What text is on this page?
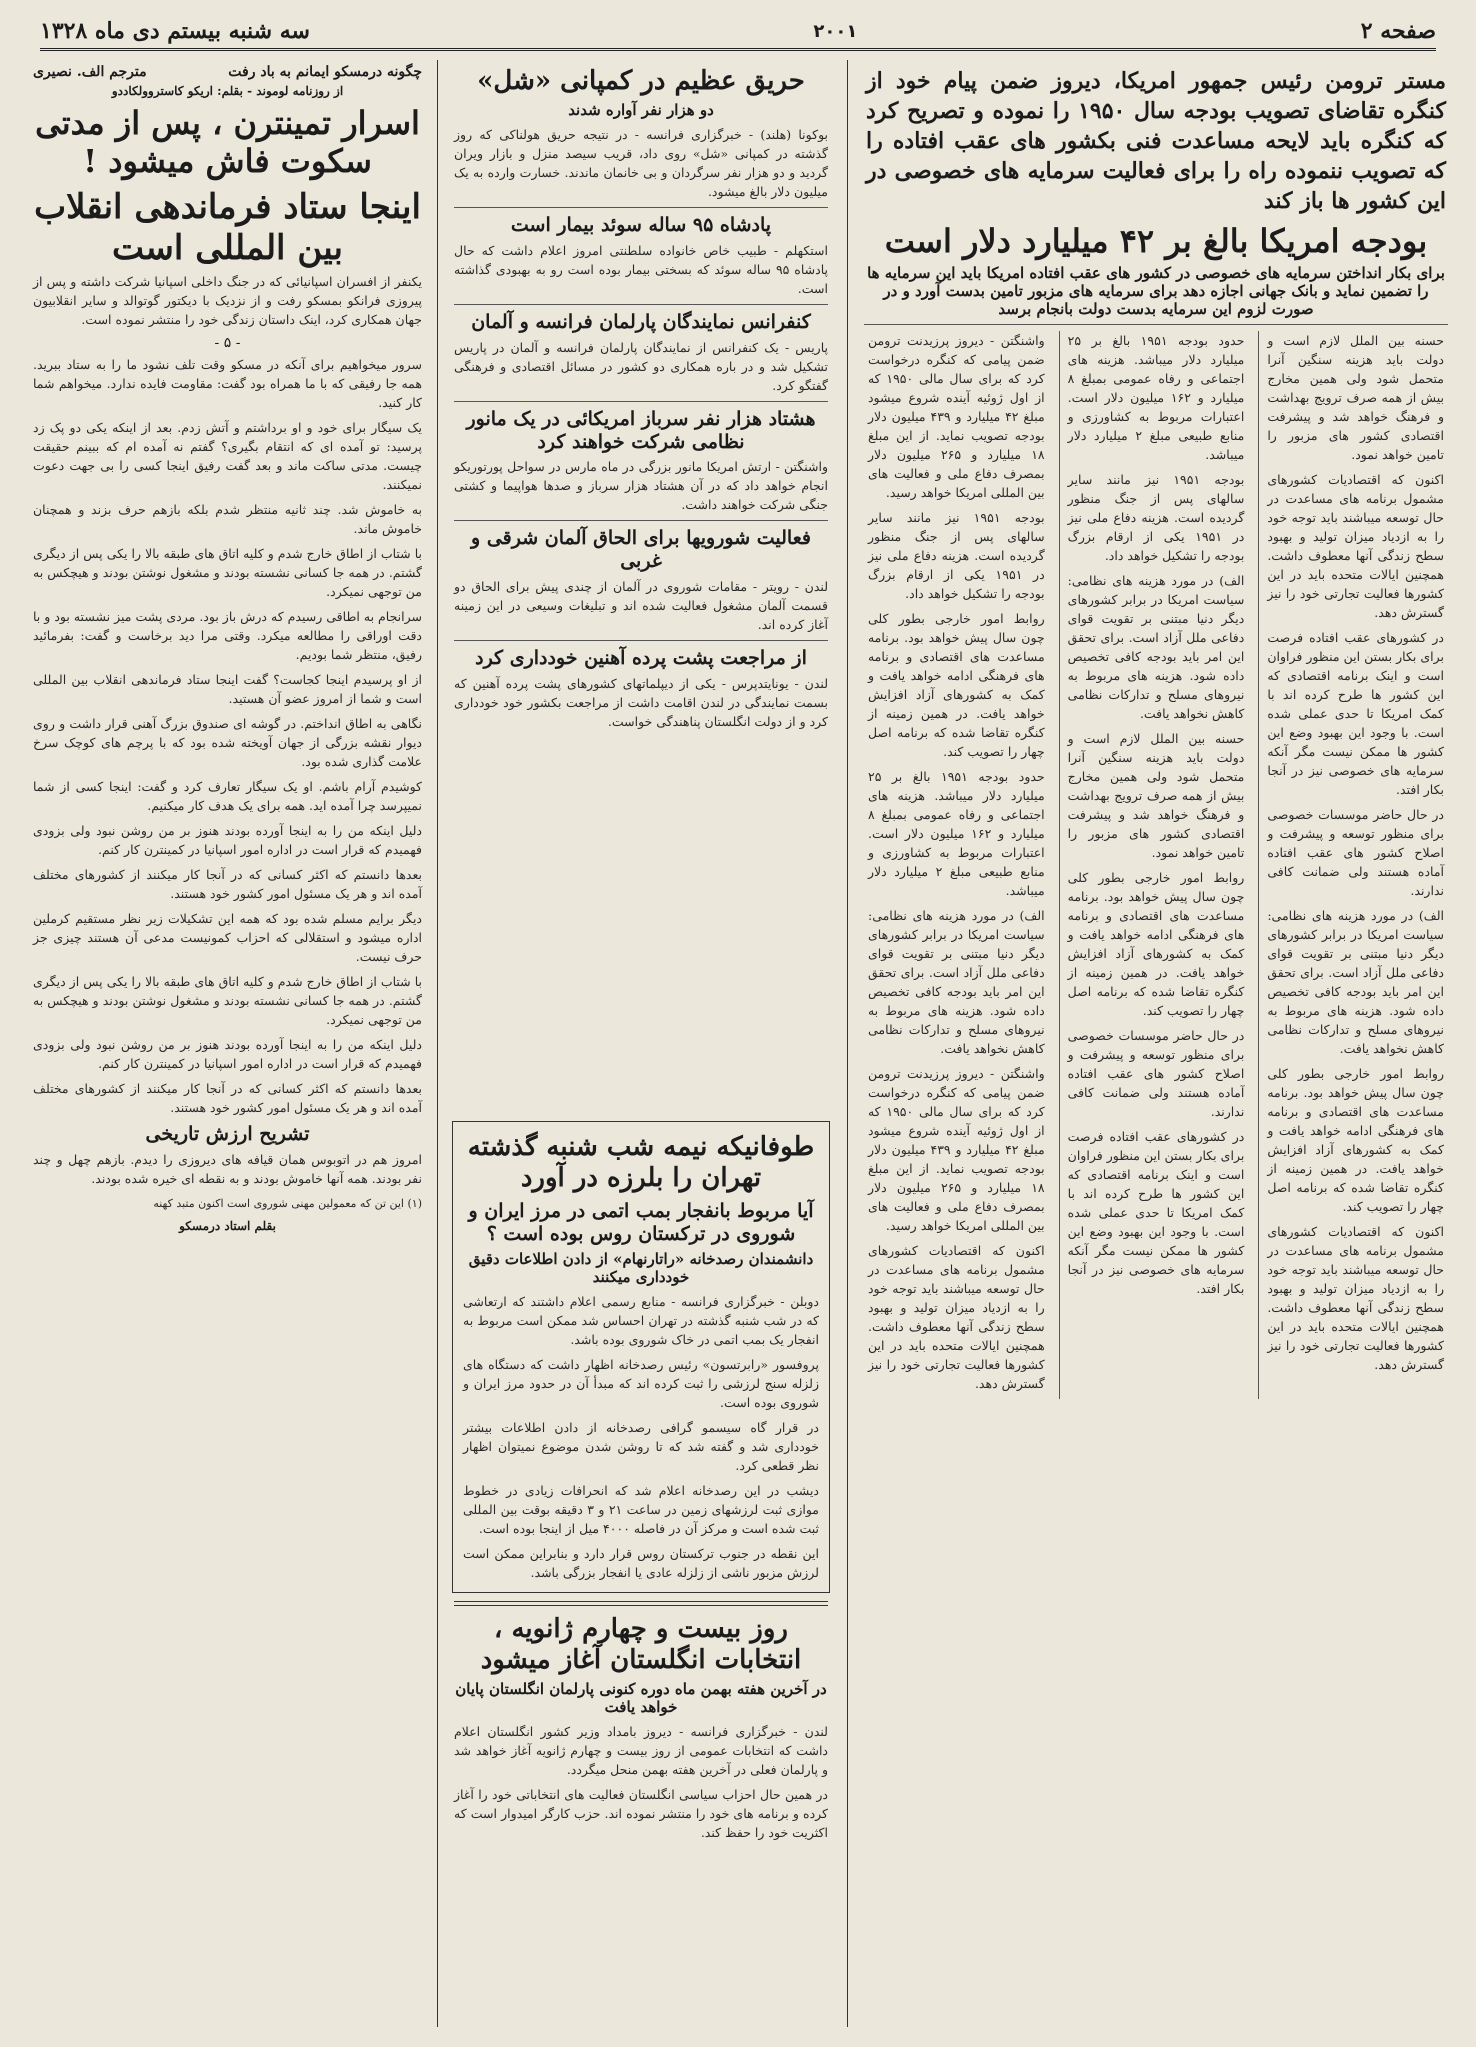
صفحه ۲
۲۰۰۱
سه شنبه بیستم دی ماه ۱۳۲۸
مستر ترومن رئیس جمهور امریکا، دیروز ضمن پیام خود از کنگره تقاضای تصویب بودجه سال ۱۹۵۰ را نموده و تصریح کرد که کنگره باید لایحه مساعدت فنی بکشور های عقب افتاده را که تصویب ننموده راه را برای فعالیت سرمایه های خصوصی در این کشور ها باز کند
بودجه امریکا بالغ بر ۴۲ میلیارد دلار است
برای بکار انداختن سرمایه های خصوصی در کشور های عقب افتاده امریکا باید این سرمایه ها را تضمین نماید و بانک جهانی اجازه دهد برای سرمایه های مزبور تامین بدست آورد و در صورت لزوم این سرمایه بدست دولت بانجام برسد

حسنه بین الملل لازم است و دولت باید هزینه سنگین آنرا متحمل شود ولی همین مخارج بیش از همه صرف ترویج بهداشت و فرهنگ خواهد شد و پیشرفت اقتصادی کشور های مزبور را تامین خواهد نمود.

اکنون که اقتصادیات کشورهای مشمول برنامه های مساعدت در حال توسعه میباشند باید توجه خود را به ازدیاد میزان تولید و بهبود سطح زندگی آنها معطوف داشت. همچنین ایالات متحده باید در این کشورها فعالیت تجارتی خود را نیز گسترش دهد.

در کشورهای عقب افتاده فرصت برای بکار بستن این منظور فراوان است و اینک برنامه اقتصادی که این کشور ها طرح کرده اند با کمک امریکا تا حدی عملی شده است. با وجود این بهبود وضع این کشور ها ممکن نیست مگر آنکه سرمایه های خصوصی نیز در آنجا بکار افتد.

در حال حاضر موسسات خصوصی برای منظور توسعه و پیشرفت و اصلاح کشور های عقب افتاده آماده هستند ولی ضمانت کافی ندارند.

الف) در مورد هزینه های نظامی: سیاست امریکا در برابر کشورهای دیگر دنیا مبتنی بر تقویت قوای دفاعی ملل آزاد است. برای تحقق این امر باید بودجه کافی تخصیص داده شود. هزینه های مربوط به نیروهای مسلح و تدارکات نظامی کاهش نخواهد یافت.

روابط امور خارجی بطور کلی چون سال پیش خواهد بود. برنامه مساعدت های اقتصادی و برنامه های فرهنگی ادامه خواهد یافت و کمک به کشورهای آزاد افزایش خواهد یافت. در همین زمینه از کنگره تقاضا شده که برنامه اصل چهار را تصویب کند.

اکنون که اقتصادیات کشورهای مشمول برنامه های مساعدت در حال توسعه میباشند باید توجه خود را به ازدیاد میزان تولید و بهبود سطح زندگی آنها معطوف داشت. همچنین ایالات متحده باید در این کشورها فعالیت تجارتی خود را نیز گسترش دهد.

حدود بودجه ۱۹۵۱ بالغ بر ۲۵ میلیارد دلار میباشد. هزینه های اجتماعی و رفاه عمومی بمبلغ ۸ میلیارد و ۱۶۲ میلیون دلار است. اعتبارات مربوط به کشاورزی و منابع طبیعی مبلغ ۲ میلیارد دلار میباشد.

بودجه ۱۹۵۱ نیز مانند سایر سالهای پس از جنگ منظور گردیده است. هزینه دفاع ملی نیز در ۱۹۵۱ یکی از ارقام بزرگ بودجه را تشکیل خواهد داد.

الف) در مورد هزینه های نظامی: سیاست امریکا در برابر کشورهای دیگر دنیا مبتنی بر تقویت قوای دفاعی ملل آزاد است. برای تحقق این امر باید بودجه کافی تخصیص داده شود. هزینه های مربوط به نیروهای مسلح و تدارکات نظامی کاهش نخواهد یافت.

حسنه بین الملل لازم است و دولت باید هزینه سنگین آنرا متحمل شود ولی همین مخارج بیش از همه صرف ترویج بهداشت و فرهنگ خواهد شد و پیشرفت اقتصادی کشور های مزبور را تامین خواهد نمود.

روابط امور خارجی بطور کلی چون سال پیش خواهد بود. برنامه مساعدت های اقتصادی و برنامه های فرهنگی ادامه خواهد یافت و کمک به کشورهای آزاد افزایش خواهد یافت. در همین زمینه از کنگره تقاضا شده که برنامه اصل چهار را تصویب کند.

در حال حاضر موسسات خصوصی برای منظور توسعه و پیشرفت و اصلاح کشور های عقب افتاده آماده هستند ولی ضمانت کافی ندارند.

در کشورهای عقب افتاده فرصت برای بکار بستن این منظور فراوان است و اینک برنامه اقتصادی که این کشور ها طرح کرده اند با کمک امریکا تا حدی عملی شده است. با وجود این بهبود وضع این کشور ها ممکن نیست مگر آنکه سرمایه های خصوصی نیز در آنجا بکار افتد.

واشنگتن - دیروز پرزیدنت ترومن ضمن پیامی که کنگره درخواست کرد که برای سال مالی ۱۹۵۰ که از اول ژوئیه آینده شروع میشود مبلغ ۴۲ میلیارد و ۴۳۹ میلیون دلار بودجه تصویب نماید. از این مبلغ ۱۸ میلیارد و ۲۶۵ میلیون دلار بمصرف دفاع ملی و فعالیت های بین المللی امریکا خواهد رسید.

بودجه ۱۹۵۱ نیز مانند سایر سالهای پس از جنگ منظور گردیده است. هزینه دفاع ملی نیز در ۱۹۵۱ یکی از ارقام بزرگ بودجه را تشکیل خواهد داد.

روابط امور خارجی بطور کلی چون سال پیش خواهد بود. برنامه مساعدت های اقتصادی و برنامه های فرهنگی ادامه خواهد یافت و کمک به کشورهای آزاد افزایش خواهد یافت. در همین زمینه از کنگره تقاضا شده که برنامه اصل چهار را تصویب کند.

حدود بودجه ۱۹۵۱ بالغ بر ۲۵ میلیارد دلار میباشد. هزینه های اجتماعی و رفاه عمومی بمبلغ ۸ میلیارد و ۱۶۲ میلیون دلار است. اعتبارات مربوط به کشاورزی و منابع طبیعی مبلغ ۲ میلیارد دلار میباشد.

الف) در مورد هزینه های نظامی: سیاست امریکا در برابر کشورهای دیگر دنیا مبتنی بر تقویت قوای دفاعی ملل آزاد است. برای تحقق این امر باید بودجه کافی تخصیص داده شود. هزینه های مربوط به نیروهای مسلح و تدارکات نظامی کاهش نخواهد یافت.

واشنگتن - دیروز پرزیدنت ترومن ضمن پیامی که کنگره درخواست کرد که برای سال مالی ۱۹۵۰ که از اول ژوئیه آینده شروع میشود مبلغ ۴۲ میلیارد و ۴۳۹ میلیون دلار بودجه تصویب نماید. از این مبلغ ۱۸ میلیارد و ۲۶۵ میلیون دلار بمصرف دفاع ملی و فعالیت های بین المللی امریکا خواهد رسید.

اکنون که اقتصادیات کشورهای مشمول برنامه های مساعدت در حال توسعه میباشند باید توجه خود را به ازدیاد میزان تولید و بهبود سطح زندگی آنها معطوف داشت. همچنین ایالات متحده باید در این کشورها فعالیت تجارتی خود را نیز گسترش دهد.

حریق عظیم در کمپانی «شل»
دو هزار نفر آواره شدند

بوکونا (هلند) - خبرگزاری فرانسه - در نتیجه حریق هولناکی که روز گذشته در کمپانی «شل» روی داد، قریب سیصد منزل و بازار ویران گردید و دو هزار نفر سرگردان و بی خانمان ماندند. خسارت وارده به یک میلیون دلار بالغ میشود.

پادشاه ۹۵ ساله سوئد بیمار است

استکهلم - طبیب خاص خانواده سلطنتی امروز اعلام داشت که حال پادشاه ۹۵ ساله سوئد که بسختی بیمار بوده است رو به بهبودی گذاشته است.

کنفرانس نمایندگان پارلمان فرانسه و آلمان

پاریس - یک کنفرانس از نمایندگان پارلمان فرانسه و آلمان در پاریس تشکیل شد و در باره همکاری دو کشور در مسائل اقتصادی و فرهنگی گفتگو کرد.

هشتاد هزار نفر سرباز امریکائی در یک مانور نظامی شرکت خواهند کرد

واشنگتن - ارتش امریکا مانور بزرگی در ماه مارس در سواحل پورتوریکو انجام خواهد داد که در آن هشتاد هزار سرباز و صدها هواپیما و کشتی جنگی شرکت خواهند داشت.

فعالیت شورویها برای الحاق آلمان شرقی و غربی

لندن - رویتر - مقامات شوروی در آلمان از چندی پیش برای الحاق دو قسمت آلمان مشغول فعالیت شده اند و تبلیغات وسیعی در این زمینه آغاز کرده اند.

از مراجعت پشت پرده آهنین خودداری کرد

لندن - یونایتدپرس - یکی از دیپلماتهای کشورهای پشت پرده آهنین که بسمت نمایندگی در لندن اقامت داشت از مراجعت بکشور خود خودداری کرد و از دولت انگلستان پناهندگی خواست.

طوفانیکه نیمه شب شنبه گذشته تهران را بلرزه در آورد
آیا مربوط بانفجار بمب اتمی در مرز ایران و شوروی در ترکستان روس بوده است ؟
دانشمندان رصدخانه «راتارنهام» از دادن اطلاعات دقیق خودداری میکنند

دوبلن - خبرگزاری فرانسه - منابع رسمی اعلام داشتند که ارتعاشی که در شب شنبه گذشته در تهران احساس شد ممکن است مربوط به انفجار یک بمب اتمی در خاک شوروی بوده باشد.

پروفسور «رابرتسون» رئیس رصدخانه اظهار داشت که دستگاه های زلزله سنج لرزشی را ثبت کرده اند که مبدأ آن در حدود مرز ایران و شوروی بوده است.

در قرار گاه سیسمو گرافی رصدخانه از دادن اطلاعات بیشتر خودداری شد و گفته شد که تا روشن شدن موضوع نمیتوان اظهار نظر قطعی کرد.

دیشب در این رصدخانه اعلام شد که انحرافات زیادی در خطوط موازی ثبت لرزشهای زمین در ساعت ۲۱ و ۳ دقیقه بوقت بین المللی ثبت شده است و مرکز آن در فاصله ۴۰۰۰ میل از اینجا بوده است.

این نقطه در جنوب ترکستان روس قرار دارد و بنابراین ممکن است لرزش مزبور ناشی از زلزله عادی یا انفجار بزرگی باشد.

روز بیست و چهارم ژانویه ، انتخابات انگلستان آغاز میشود
در آخرین هفته بهمن ماه دوره کنونی پارلمان انگلستان پایان خواهد یافت

لندن - خبرگزاری فرانسه - دیروز بامداد وزیر کشور انگلستان اعلام داشت که انتخابات عمومی از روز بیست و چهارم ژانویه آغاز خواهد شد و پارلمان فعلی در آخرین هفته بهمن منحل میگردد.

در همین حال احزاب سیاسی انگلستان فعالیت های انتخاباتی خود را آغاز کرده و برنامه های خود را منتشر نموده اند. حزب کارگر امیدوار است که اکثریت خود را حفظ کند.

چگونه درمسکو ایمانم به باد رفت
مترجم الف. نصیری
از روزنامه لوموند - بقلم: اریکو کاستروولکاددو
اسرار تمینترن ، پس از مدتی سکوت فاش میشود !
اینجا ستاد فرماندهی انقلاب بین المللی است

یکنفر از افسران اسپانیائی که در جنگ داخلی اسپانیا شرکت داشته و پس از پیروزی فرانکو بمسکو رفت و از نزدیک با دیکتور گوتوالد و سایر انقلابیون جهان همکاری کرد، اینک داستان زندگی خود را منتشر نموده است.

- ۵ -

سرور میخواهیم برای آنکه در مسکو وقت تلف نشود ما را به ستاد ببرید. همه جا رفیقی که با ما همراه بود گفت: مقاومت فایده ندارد. میخواهم شما کار کنید.

یک سیگار برای خود و او برداشتم و آتش زدم. بعد از اینکه یکی دو پک زد پرسید: تو آمده ای که انتقام بگیری؟ گفتم نه آمده ام که ببینم حقیقت چیست. مدتی ساکت ماند و بعد گفت رفیق اینجا کسی را بی جهت دعوت نمیکنند.

به خاموش شد. چند ثانیه منتظر شدم بلکه بازهم حرف بزند و همچنان خاموش ماند.

با شتاب از اطاق خارج شدم و کلیه اتاق های طبقه بالا را یکی پس از دیگری گشتم. در همه جا کسانی نشسته بودند و مشغول نوشتن بودند و هیچکس به من توجهی نمیکرد.

سرانجام به اطاقی رسیدم که درش باز بود. مردی پشت میز نشسته بود و با دقت اوراقی را مطالعه میکرد. وقتی مرا دید برخاست و گفت: بفرمائید رفیق، منتظر شما بودیم.

از او پرسیدم اینجا کجاست؟ گفت اینجا ستاد فرماندهی انقلاب بین المللی است و شما از امروز عضو آن هستید.

نگاهی به اطاق انداختم. در گوشه ای صندوق بزرگ آهنی قرار داشت و روی دیوار نقشه بزرگی از جهان آویخته شده بود که با پرچم های کوچک سرخ علامت گذاری شده بود.

کوشیدم آرام باشم. او یک سیگار تعارف کرد و گفت: اینجا کسی از شما نمیپرسد چرا آمده اید. همه برای یک هدف کار میکنیم.

دلیل اینکه من را به اینجا آورده بودند هنوز بر من روشن نبود ولی بزودی فهمیدم که قرار است در اداره امور اسپانیا در کمینترن کار کنم.

بعدها دانستم که اکثر کسانی که در آنجا کار میکنند از کشورهای مختلف آمده اند و هر یک مسئول امور کشور خود هستند.

دیگر برایم مسلم شده بود که همه این تشکیلات زیر نظر مستقیم کرملین اداره میشود و استقلالی که احزاب کمونیست مدعی آن هستند چیزی جز حرف نیست.

با شتاب از اطاق خارج شدم و کلیه اتاق های طبقه بالا را یکی پس از دیگری گشتم. در همه جا کسانی نشسته بودند و مشغول نوشتن بودند و هیچکس به من توجهی نمیکرد.

دلیل اینکه من را به اینجا آورده بودند هنوز بر من روشن نبود ولی بزودی فهمیدم که قرار است در اداره امور اسپانیا در کمینترن کار کنم.

بعدها دانستم که اکثر کسانی که در آنجا کار میکنند از کشورهای مختلف آمده اند و هر یک مسئول امور کشور خود هستند.

تشریح ارزش تاریخی

امروز هم در اتوبوس همان قیافه های دیروزی را دیدم. بازهم چهل و چند نفر بودند. همه آنها خاموش بودند و به نقطه ای خیره شده بودند.

(۱) این تن که معمولین مهنی شوروی است اکنون متبد کهنه

بقلم استاد درمسکو
